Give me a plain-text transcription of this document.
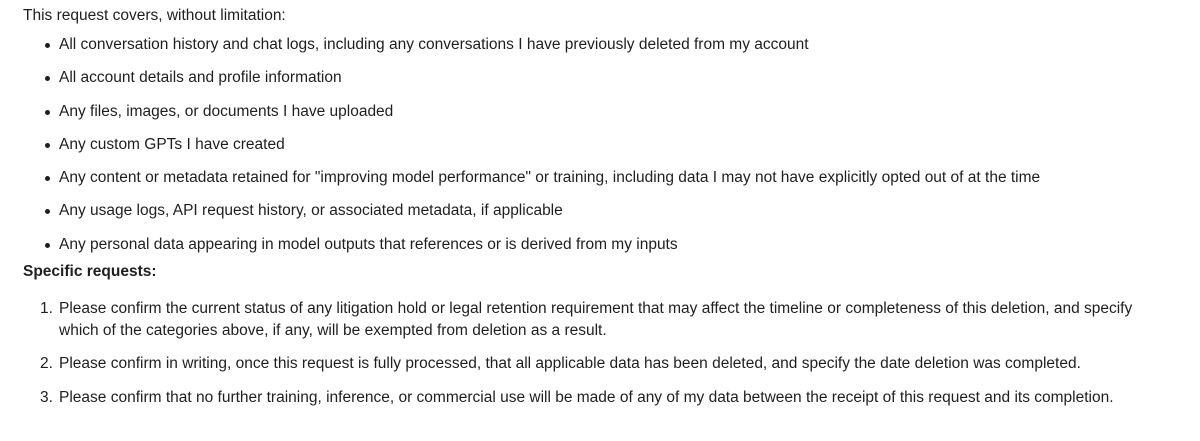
This request covers, without limitation:

All conversation history and chat logs, including any conversations I have previously deleted from my account
All account details and profile information
Any files, images, or documents I have uploaded
Any custom GPTs I have created
Any content or metadata retained for "improving model performance" or training, including data I may not have explicitly opted out of at the time
Any usage logs, API request history, or associated metadata, if applicable
Any personal data appearing in model outputs that references or is derived from my inputs

Specific requests:

1. Please confirm the current status of any litigation hold or legal retention requirement that may affect the timeline or completeness of this deletion, and specify which of the categories above, if any, will be exempted from deletion as a result.
2. Please confirm in writing, once this request is fully processed, that all applicable data has been deleted, and specify the date deletion was completed.
3. Please confirm that no further training, inference, or commercial use will be made of any of my data between the receipt of this request and its completion.
